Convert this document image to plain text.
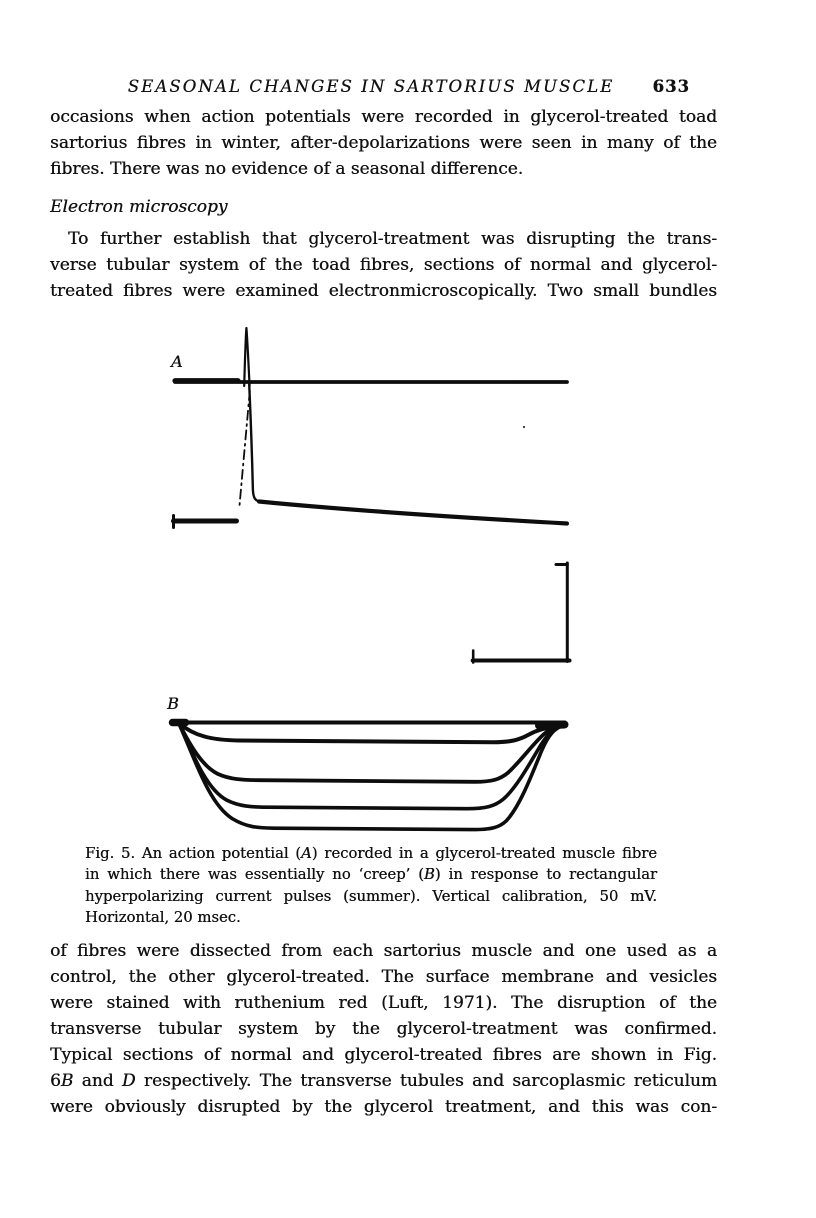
SEASONAL CHANGES IN SARTORIUS MUSCLE	633
occasions when action potentials were recorded in glycerol-treated toad
sartorius fibres in winter, after-depolarizations were seen in many of the
fibres. There was no evidence of a seasonal difference.
Electron microscopy
To further establish that glycerol-treatment was disrupting the trans-
verse tubular system of the toad fibres, sections of normal and glycerol-
treated fibres were examined electronmicroscopically. Two small bundles
A
B
Fig. 5. An action potential (A) recorded in a glycerol-treated muscle fibre
in which there was essentially no ‘creep’ (B) in response to rectangular
hyperpolarizing current pulses (summer). Vertical calibration, 50 mV.
Horizontal, 20 msec.
of fibres were dissected from each sartorius muscle and one used as a
control, the other glycerol-treated. The surface membrane and vesicles
were stained with ruthenium red (Luft, 1971). The disruption of the
transverse tubular system by the glycerol-treatment was confirmed.
Typical sections of normal and glycerol-treated fibres are shown in Fig.
6B and D respectively. The transverse tubules and sarcoplasmic reticulum
were obviously disrupted by the glycerol treatment, and this was con-
